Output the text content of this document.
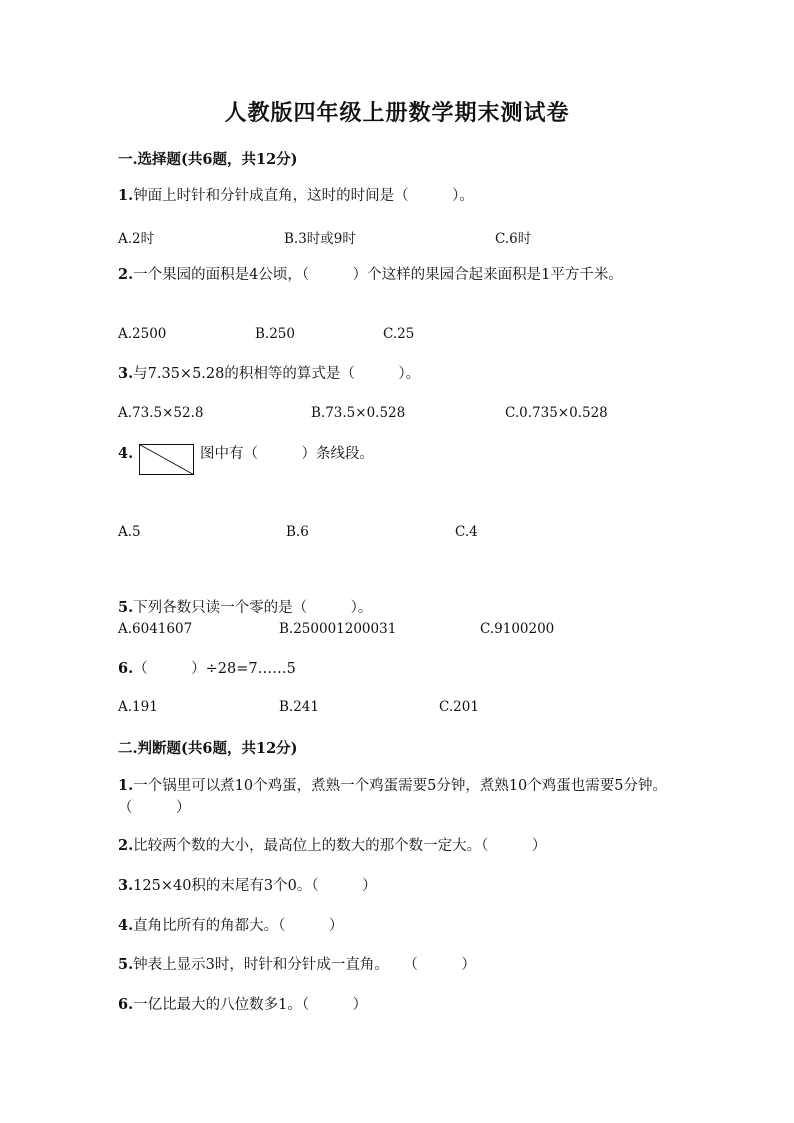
人教版四年级上册数学期末测试卷
一.选择题(共6题，共12分)
1.钟面上时针和分针成直角，这时的时间是（　　　）。
A.2时	B.3时或9时	C.6时
2.一个果园的面积是4公顷，（　　　）个这样的果园合起来面积是1平方千米。
A.2500	B.250	C.25
3.与7.35×5.28的积相等的算式是（　　　）。
A.73.5×52.8	B.73.5×0.528	C.0.735×0.528
4.	图中有（　　　）条线段。
A.5	B.6	C.4
5.下列各数只读一个零的是（　　　）。
A.6041607	B.250001200031	C.9100200
6.（　　　）÷28=7……5
A.191	B.241	C.201
二.判断题(共6题，共12分)
1.一个锅里可以煮10个鸡蛋，煮熟一个鸡蛋需要5分钟，煮熟10个鸡蛋也需要5分钟。（　　　）
2.比较两个数的大小，最高位上的数大的那个数一定大。（　　　）
3.125×40积的末尾有3个0。（　　　）
4.直角比所有的角都大。（　　　）
5.钟表上显示3时，时针和分针成一直角。　　（　　　）
6.一亿比最大的八位数多1。（　　　）
